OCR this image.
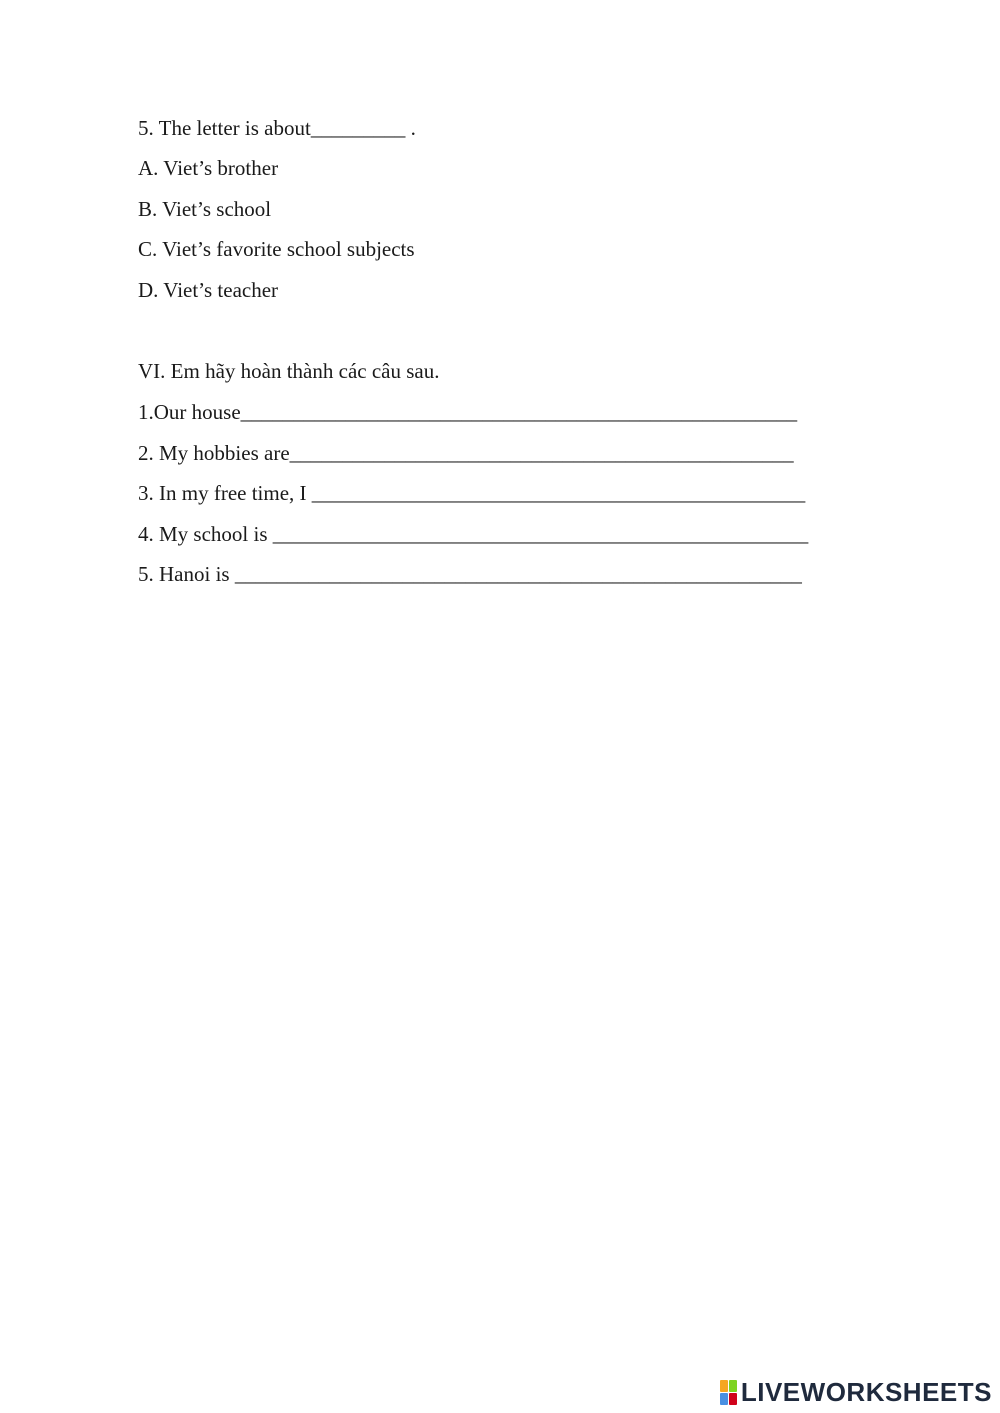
5. The letter is about_________ .
A. Viet’s brother
B. Viet’s school
C. Viet’s favorite school subjects
D. Viet’s teacher
VI. Em hãy hoàn thành các câu sau.
1.Our house_____________________________________________________
2. My hobbies are________________________________________________
3. In my free time, I _______________________________________________
4. My school is ___________________________________________________
5. Hanoi is ______________________________________________________
LIVEWORKSHEETS
